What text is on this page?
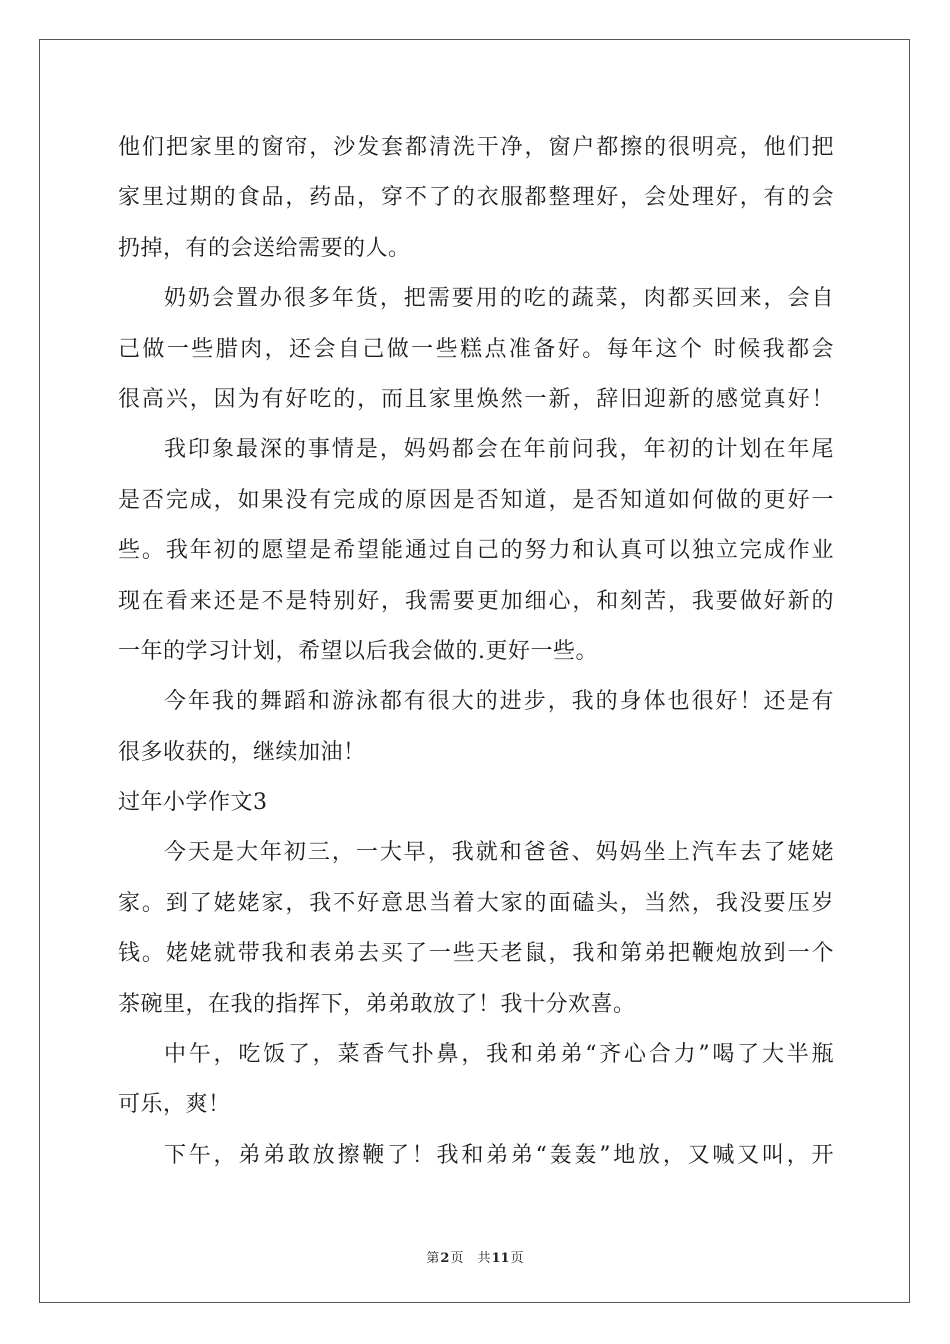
他们把家里的窗帘，沙发套都清洗干净，窗户都擦的很明亮，他们把
家里过期的食品，药品，穿不了的衣服都整理好，会处理好，有的会
扔掉，有的会送给需要的人。
奶奶会置办很多年货，把需要用的吃的蔬菜，肉都买回来，会自
己做一些腊肉，还会自己做一些糕点准备好。每年这个 时候我都会
很高兴，因为有好吃的，而且家里焕然一新，辞旧迎新的感觉真好！
我印象最深的事情是，妈妈都会在年前问我，年初的计划在年尾
是否完成，如果没有完成的原因是否知道，是否知道如何做的更好一
些。我年初的愿望是希望能通过自己的努力和认真可以独立完成作业
现在看来还是不是特别好，我需要更加细心，和刻苦，我要做好新的
一年的学习计划，希望以后我会做的.更好一些。
今年我的舞蹈和游泳都有很大的进步，我的身体也很好！还是有
很多收获的，继续加油！
过年小学作文3
今天是大年初三，一大早，我就和爸爸、妈妈坐上汽车去了姥姥
家。到了姥姥家，我不好意思当着大家的面磕头，当然，我没要压岁
钱。姥姥就带我和表弟去买了一些天老鼠，我和第弟把鞭炮放到一个
茶碗里，在我的指挥下，弟弟敢放了！我十分欢喜。
中午，吃饭了，菜香气扑鼻，我和弟弟“齐心合力”喝了大半瓶
可乐，爽！
下午，弟弟敢放擦鞭了！我和弟弟“轰轰”地放，又喊又叫，开
第2页 共11页
